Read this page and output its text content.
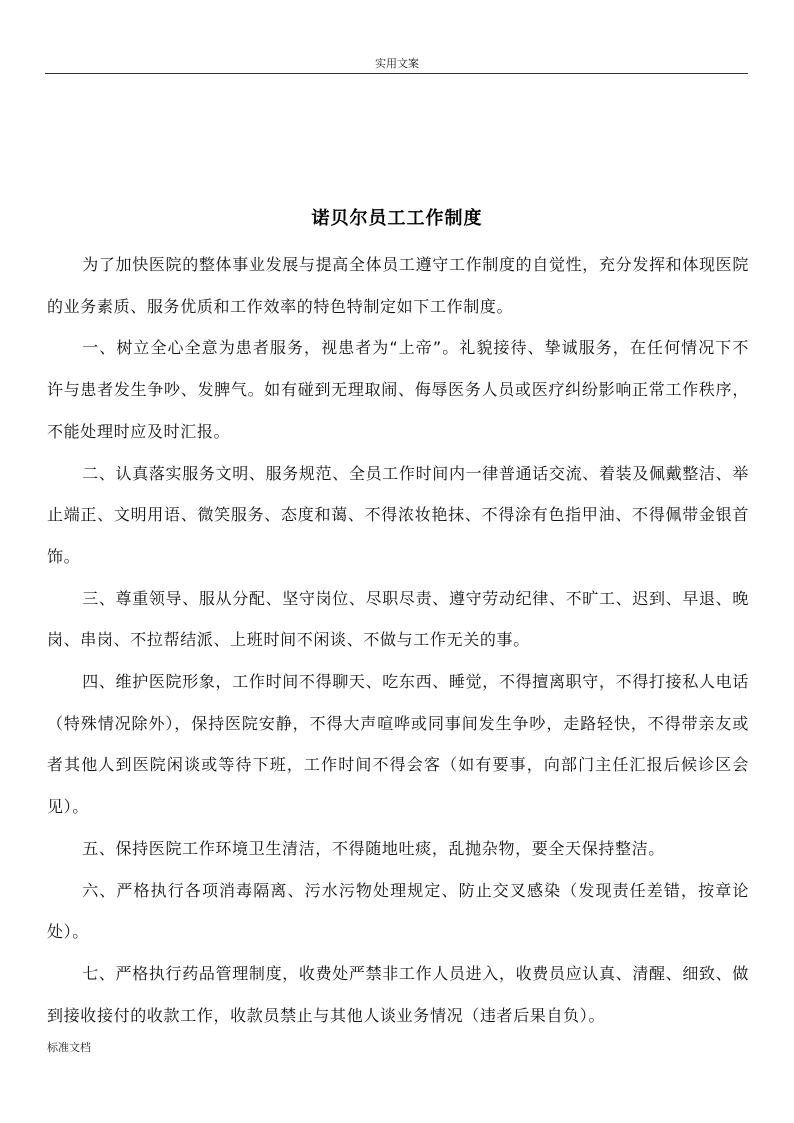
实用文案
诺贝尔员工工作制度

为了加快医院的整体事业发展与提高全体员工遵守工作制度的自觉性，充分发挥和体现医院的业务素质、服务优质和工作效率的特色特制定如下工作制度。

一、树立全心全意为患者服务，视患者为“上帝”。礼貌接待、挚诚服务，在任何情况下不许与患者发生争吵、发脾气。如有碰到无理取闹、侮辱医务人员或医疗纠纷影响正常工作秩序，不能处理时应及时汇报。

二、认真落实服务文明、服务规范、全员工作时间内一律普通话交流、着装及佩戴整洁、举止端正、文明用语、微笑服务、态度和蔼、不得浓妆艳抹、不得涂有色指甲油、不得佩带金银首饰。

三、尊重领导、服从分配、坚守岗位、尽职尽责、遵守劳动纪律、不旷工、迟到、早退、晚岗、串岗、不拉帮结派、上班时间不闲谈、不做与工作无关的事。

四、维护医院形象，工作时间不得聊天、吃东西、睡觉，不得擅离职守，不得打接私人电话（特殊情况除外），保持医院安静，不得大声喧哗或同事间发生争吵，走路轻快，不得带亲友或者其他人到医院闲谈或等待下班，工作时间不得会客（如有要事，向部门主任汇报后候诊区会见）。

五、保持医院工作环境卫生清洁，不得随地吐痰，乱抛杂物，要全天保持整洁。

六、严格执行各项消毒隔离、污水污物处理规定、防止交叉感染（发现责任差错，按章论处）。

七、严格执行药品管理制度，收费处严禁非工作人员进入，收费员应认真、清醒、细致、做到接收接付的收款工作，收款员禁止与其他人谈业务情况（违者后果自负）。

标准文档
